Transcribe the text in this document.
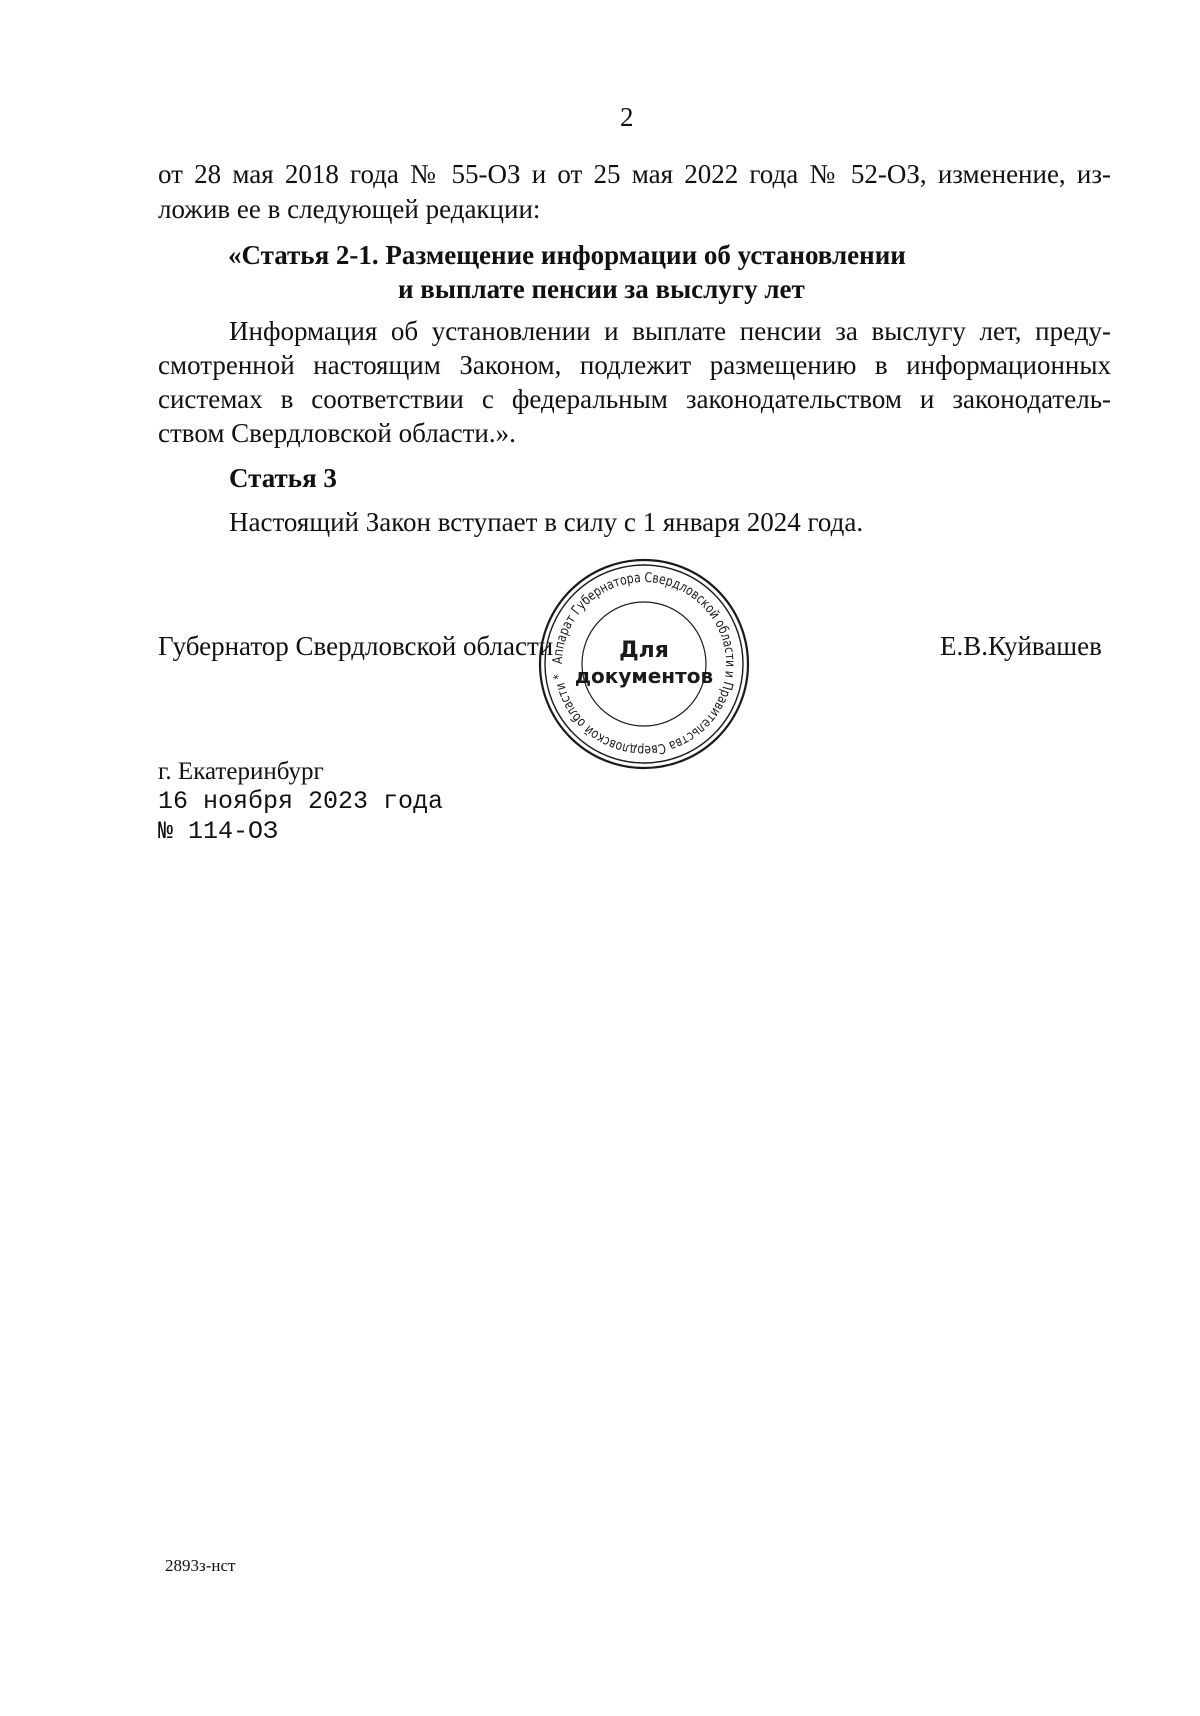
2
от 28 мая 2018 года № 55-ОЗ и от 25 мая 2022 года № 52-ОЗ, изменение, из-
ложив ее в следующей редакции:
«Статья 2-1. Размещение информации об установлении
и выплате пенсии за выслугу лет
Информация об установлении и выплате пенсии за выслугу лет, преду-
смотренной настоящим Законом, подлежит размещению в информационных
системах в соответствии с федеральным законодательством и законодатель-
ством Свердловской области.».
Статья 3
Настоящий Закон вступает в силу с 1 января 2024 года.
Губернатор Свердловской области	Е.В.Куйвашев
Аппарат Губернатора Свердловской области и Правительства Свердловской области *
Для
документов
г. Екатеринбург
16 ноября 2023 года
№ 114-ОЗ
2893з-нст
